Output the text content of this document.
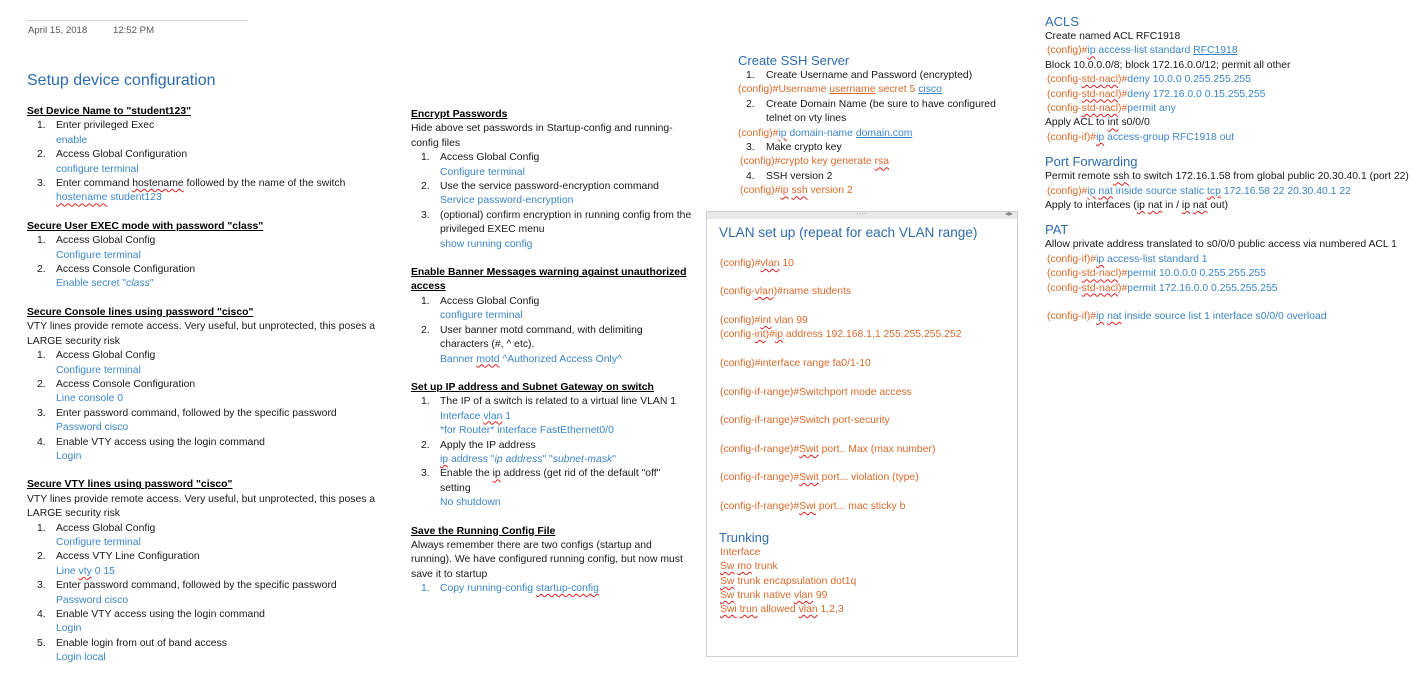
April 15, 2018	12:52 PM
Setup device configuration
Set Device Name to "student123"
1. Enter privileged Exec
enable
2. Access Global Configuration
configure terminal
3. Enter command hostename followed by the name of the switch
hostename student123
Secure User EXEC mode with password "class"
1. Access Global Config
Configure terminal
2. Access Console Configuration
Enable secret "class"
Secure Console lines using password "cisco"

VTY lines provide remote access. Very useful, but unprotected, this poses a LARGE security risk

1. Access Global Config
Configure terminal
2. Access Console Configuration
Line console 0
3. Enter password command, followed by the specific password
Password cisco
4. Enable VTY access using the login command
Login
Secure VTY lines using password "cisco"

VTY lines provide remote access. Very useful, but unprotected, this poses a LARGE security risk

1. Access Global Config
Configure terminal
2. Access VTY Line Configuration
Line vty 0 15
3. Enter password command, followed by the specific password
Password cisco
4. Enable VTY access using the login command
Login
5. Enable login from out of band access
Login local
Encrypt Passwords

Hide above set passwords in Startup-config and running-config files

1. Access Global Config
Configure terminal
2. Use the service password-encryption command
Service password-encryption
3. (optional) confirm encryption in running config from the privileged EXEC menu
show running config
Enable Banner Messages warning against unauthorized access
1. Access Global Config
configure terminal
2. User banner motd command, with delimiting characters (#, ^ etc).
Banner motd ^Authorized Access Only^
Set up IP address and Subnet Gateway on switch
1. The IP of a switch is related to a virtual line VLAN 1
Interface vlan 1
*for Router* interface FastEthernet0/0
2. Apply the IP address
ip address "ip address" "subnet-mask"
3. Enable the ip address (get rid of the default "off" setting
No shutdown
Save the Running Config File

Always remember there are two configs (startup and running). We have configured running config, but now must save it to startup

1. Copy running-config startup-config
Create SSH Server
1. Create Username and Password (encrypted)
(config)#Username username secret 5 cisco
2. Create Domain Name (be sure to have configured telnet on vty lines
(config)#ip domain-name domain.com
3. Make crypto key
(config)#crypto key generate rsa
4. SSH version 2
(config)#ip ssh version 2
····	◂▸
VLAN set up (repeat for each VLAN range)
(config)#vlan 10
(config-vlan)#name students
(config)#int vlan 99
(config-int)#ip address 192.168.1.1 255.255.255.252
(config)#interface range fa0/1-10
(config-if-range)#Switchport mode access
(config-if-range)#Switch port-security
(config-if-range)#Swit port.. Max (max number)
(config-if-range)#Swit port... violation (type)
(config-if-range)#Swi port... mac sticky b
Trunking
Interface
Sw mo trunk
Sw trunk encapsulation dot1q
Sw trunk native vlan 99
Swi trun allowed vlan 1,2,3
ACLS
Create named ACL RFC1918
(config)#ip access-list standard RFC1918
Block 10.0.0.0/8; block 172.16.0.0/12; permit all other
(config-std-nacl)#deny 10.0.0 0.255.255.255
(config-std-nacl)#deny 172.16.0.0 0.15.255.255
(config-std-nacl)#permit any
Apply ACL to int s0/0/0
(config-if)#ip access-group RFC1918 out
Port Forwarding
Permit remote ssh to switch 172.16.1.58 from global public 20.30.40.1 (port 22)
(config)#ip nat inside source static tcp 172.16.58 22 20.30.40.1 22
Apply to interfaces (ip nat in / ip nat out)
PAT
Allow private address translated to s0/0/0 public access via numbered ACL 1
(config-if)#ip access-list standard 1
(config-std-nacl)#permit 10.0.0.0 0.255.255.255
(config-std-nacl)#permit 172.16.0.0 0.255.255.255
(config-if)#ip nat inside source list 1 interface s0/0/0 overload
